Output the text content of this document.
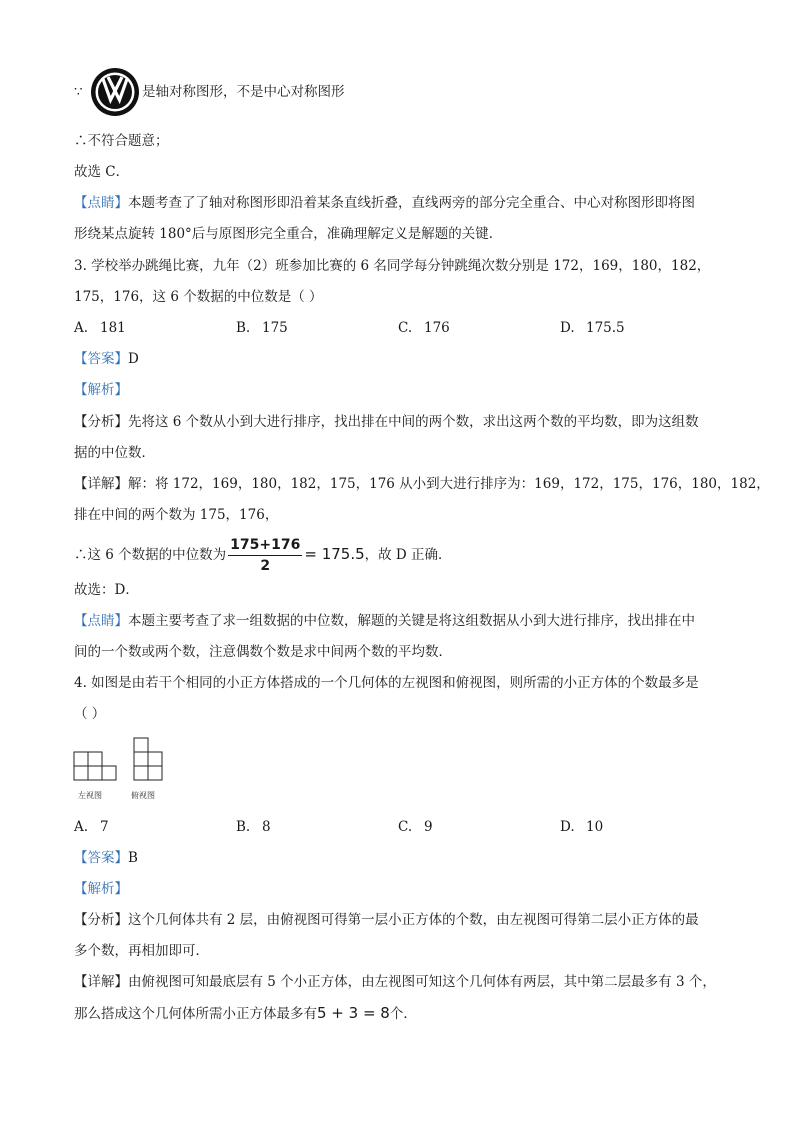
∵	是轴对称图形，不是中心对称图形
∴不符合题意；
故选 C．
【点睛】本题考查了了轴对称图形即沿着某条直线折叠，直线两旁的部分完全重合、中心对称图形即将图
形绕某点旋转 180°后与原图形完全重合，准确理解定义是解题的关键．
3. 学校举办跳绳比赛，九年（2）班参加比赛的 6 名同学每分钟跳绳次数分别是 172，169，180，182，
175，176，这 6 个数据的中位数是（ ）
A. 181	B. 175	C. 176	D. 175.5
【答案】D
【解析】
【分析】先将这 6 个数从小到大进行排序，找出排在中间的两个数，求出这两个数的平均数，即为这组数
据的中位数．
【详解】解：将 172，169，180，182，175，176 从小到大进行排序为：169，172，175，176，180，182，
排在中间的两个数为 175，176，
∴这 6 个数据的中位数为 $\frac{175+176}{2} = 175.5$，故 D 正确．
故选：D．
【点睛】本题主要考查了求一组数据的中位数，解题的关键是将这组数据从小到大进行排序，找出排在中
间的一个数或两个数，注意偶数个数是求中间两个数的平均数．
4. 如图是由若干个相同的小正方体搭成的一个几何体的左视图和俯视图，则所需的小正方体的个数最多是
（ ）
左视图	俯视图
A. 7	B. 8	C. 9	D. 10
【答案】B
【解析】
【分析】这个几何体共有 2 层，由俯视图可得第一层小正方体的个数，由左视图可得第二层小正方体的最
多个数，再相加即可．
【详解】由俯视图可知最底层有 5 个小正方体，由左视图可知这个几何体有两层，其中第二层最多有 3 个，
那么搭成这个几何体所需小正方体最多有5 + 3 = 8个．
